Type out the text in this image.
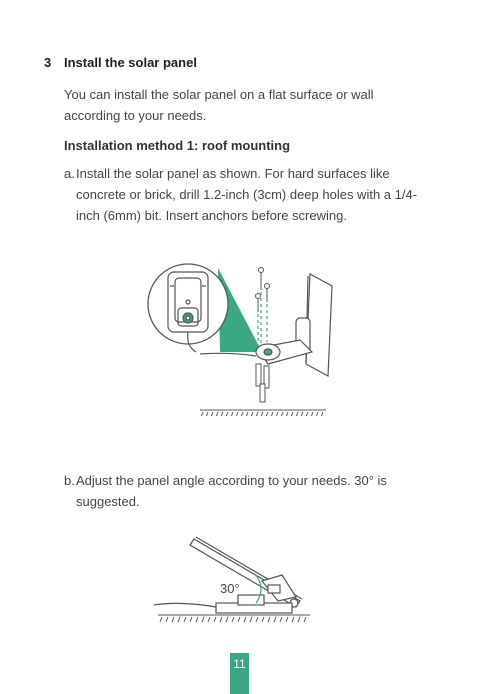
3 Install the solar panel
You can install the solar panel on a flat surface or wall according to your needs.
Installation method 1: roof mounting
a. Install the solar panel as shown. For hard surfaces like concrete or brick, drill 1.2-inch (3cm) deep holes with a 1/4-inch (6mm) bit. Insert anchors before screwing.
b. Adjust the panel angle according to your needs. 30° is suggested.
30°
11
